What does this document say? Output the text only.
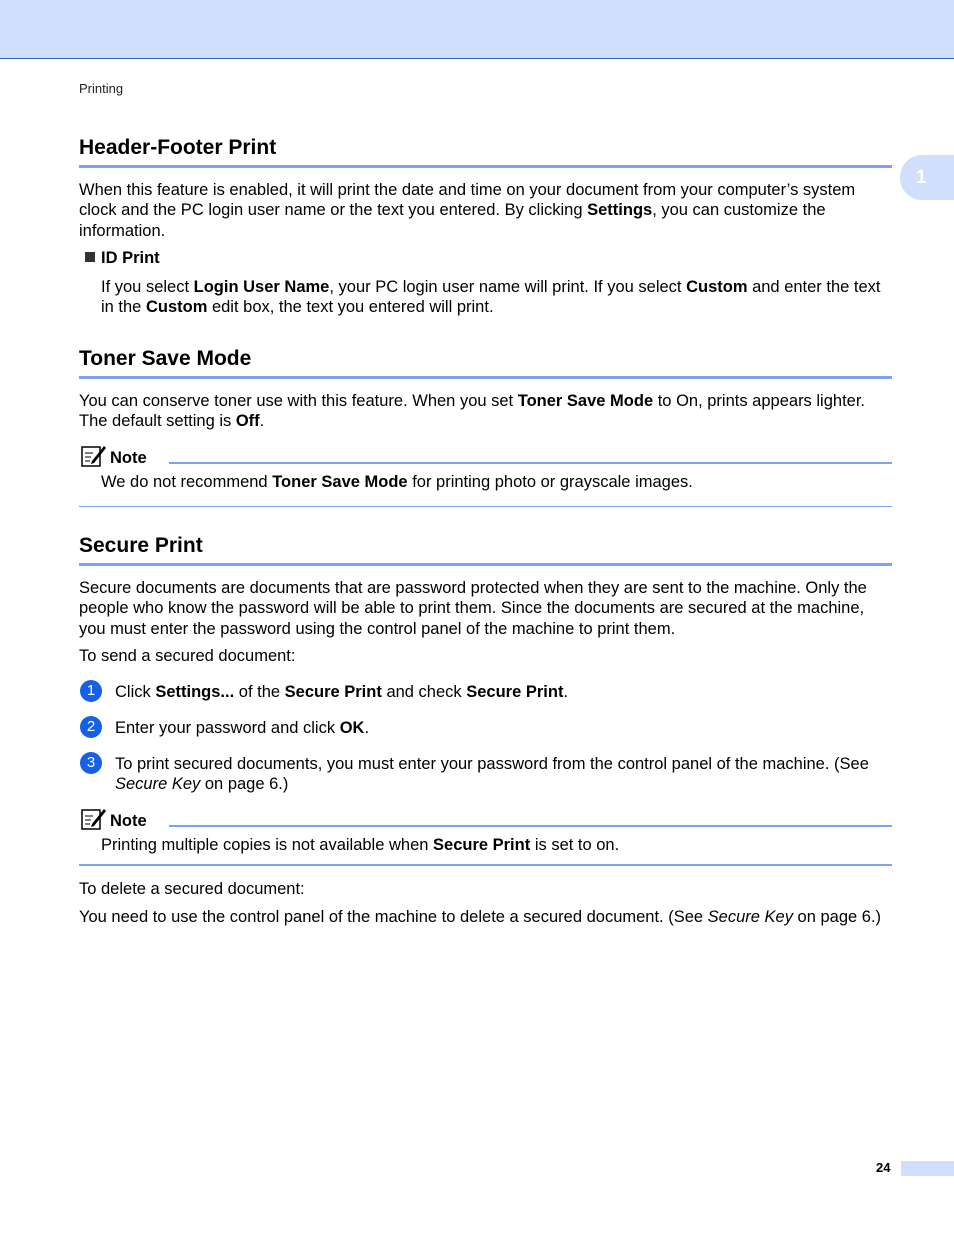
Printing
1
Header-Footer Print

When this feature is enabled, it will print the date and time on your document from your computer’s system clock and the PC login user name or the text you entered. By clicking Settings, you can customize the information.

ID Print

If you select Login User Name, your PC login user name will print. If you select Custom and enter the text in the Custom edit box, the text you entered will print.

Toner Save Mode

You can conserve toner use with this feature. When you set Toner Save Mode to On, prints appears lighter. The default setting is Off.

Note

We do not recommend Toner Save Mode for printing photo or grayscale images.

Secure Print

Secure documents are documents that are password protected when they are sent to the machine. Only the people who know the password will be able to print them. Since the documents are secured at the machine, you must enter the password using the control panel of the machine to print them.

To send a secured document:

1	Click Settings... of the Secure Print and check Secure Print.
2	Enter your password and click OK.
3	To print secured documents, you must enter your password from the control panel of the machine. (See Secure Key on page 6.)
Note

Printing multiple copies is not available when Secure Print is set to on.

To delete a secured document:

You need to use the control panel of the machine to delete a secured document. (See Secure Key on page 6.)

24
